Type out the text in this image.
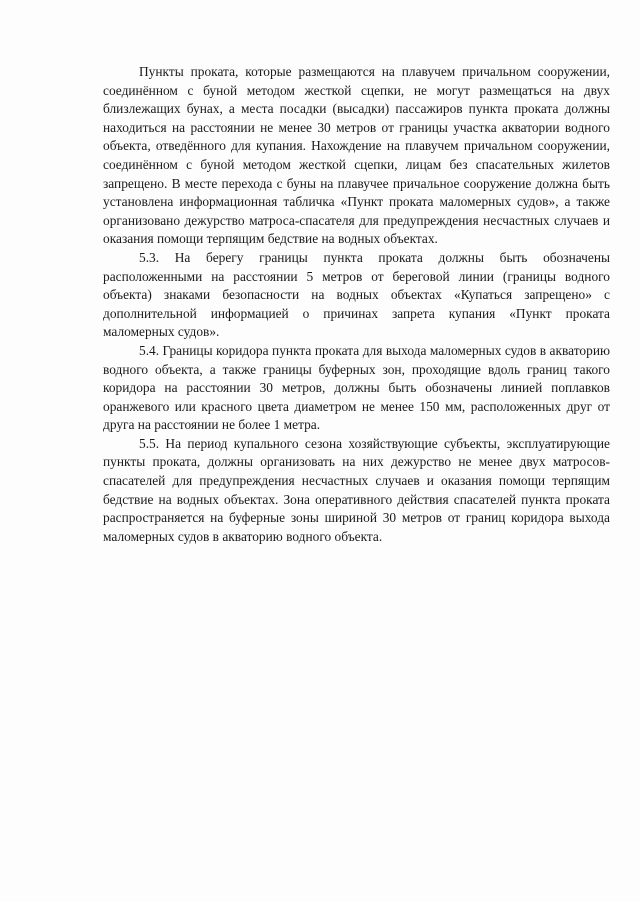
Пункты проката, которые размещаются на плавучем причальном сооружении, соединённом с буной методом жесткой сцепки, не могут размещаться на двух близлежащих бунах, а места посадки (высадки) пассажиров пункта проката должны находиться на расстоянии не менее 30 метров от границы участка акватории водного объекта, отведённого для купания. Нахождение на плавучем причальном сооружении, соединённом с буной методом жесткой сцепки, лицам без спасательных жилетов запрещено. В месте перехода с буны на плавучее причальное сооружение должна быть установлена информационная табличка «Пункт проката маломерных судов», а также организовано дежурство матроса-спасателя для предупреждения несчастных случаев и оказания помощи терпящим бедствие на водных объектах.

5.3. На берегу границы пункта проката должны быть обозначены расположенными на расстоянии 5 метров от береговой линии (границы водного объекта) знаками безопасности на водных объектах «Купаться запрещено» с дополнительной информацией о причинах запрета купания «Пункт проката маломерных судов».

5.4. Границы коридора пункта проката для выхода маломерных судов в акваторию водного объекта, а также границы буферных зон, проходящие вдоль границ такого коридора на расстоянии 30 метров, должны быть обозначены линией поплавков оранжевого или красного цвета диаметром не менее 150 мм, расположенных друг от друга на расстоянии не более 1 метра.

5.5. На период купального сезона хозяйствующие субъекты, эксплуатирующие пункты проката, должны организовать на них дежурство не менее двух матросов-спасателей для предупреждения несчастных случаев и оказания помощи терпящим бедствие на водных объектах. Зона оперативного действия спасателей пункта проката распространяется на буферные зоны шириной 30 метров от границ коридора выхода маломерных судов в акваторию водного объекта.
